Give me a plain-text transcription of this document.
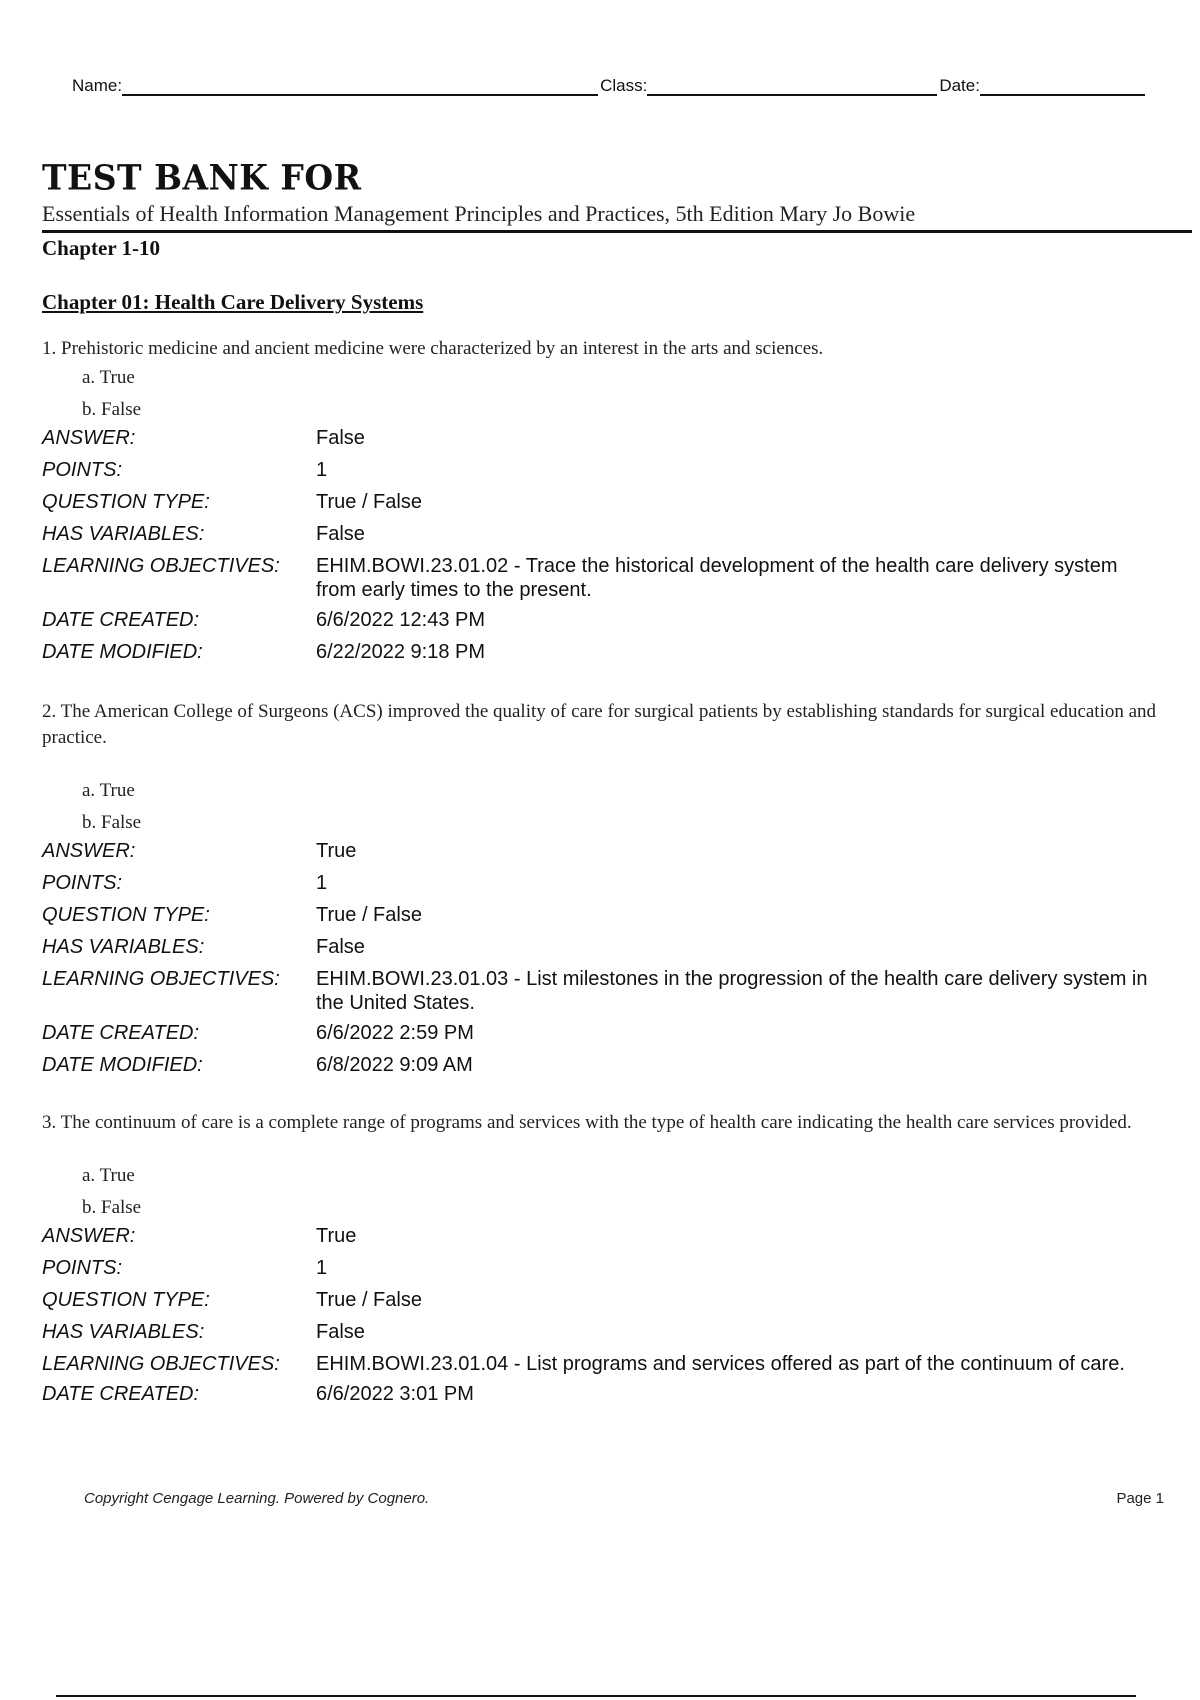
Name:	Class:	Date:
TEST BANK FOR
Essentials of Health Information Management Principles and Practices, 5th Edition Mary Jo Bowie
Chapter 1-10
Chapter 01: Health Care Delivery Systems

1. Prehistoric medicine and ancient medicine were characterized by an interest in the arts and sciences.

a. True
b. False
ANSWER:	False
POINTS:	1
QUESTION TYPE:	True / False
HAS VARIABLES:	False
LEARNING OBJECTIVES:	EHIM.BOWI.23.01.02 - Trace the historical development of the health care delivery system from early times to the present.
DATE CREATED:	6/6/2022 12:43 PM
DATE MODIFIED:	6/22/2022 9:18 PM

2. The American College of Surgeons (ACS) improved the quality of care for surgical patients by establishing standards for surgical education and practice.

a. True
b. False
ANSWER:	True
POINTS:	1
QUESTION TYPE:	True / False
HAS VARIABLES:	False
LEARNING OBJECTIVES:	EHIM.BOWI.23.01.03 - List milestones in the progression of the health care delivery system in the United States.
DATE CREATED:	6/6/2022 2:59 PM
DATE MODIFIED:	6/8/2022 9:09 AM

3. The continuum of care is a complete range of programs and services with the type of health care indicating the health care services provided.

a. True
b. False
ANSWER:	True
POINTS:	1
QUESTION TYPE:	True / False
HAS VARIABLES:	False
LEARNING OBJECTIVES:	EHIM.BOWI.23.01.04 - List programs and services offered as part of the continuum of care.
DATE CREATED:	6/6/2022 3:01 PM
Copyright Cengage Learning. Powered by Cognero.	Page 1
